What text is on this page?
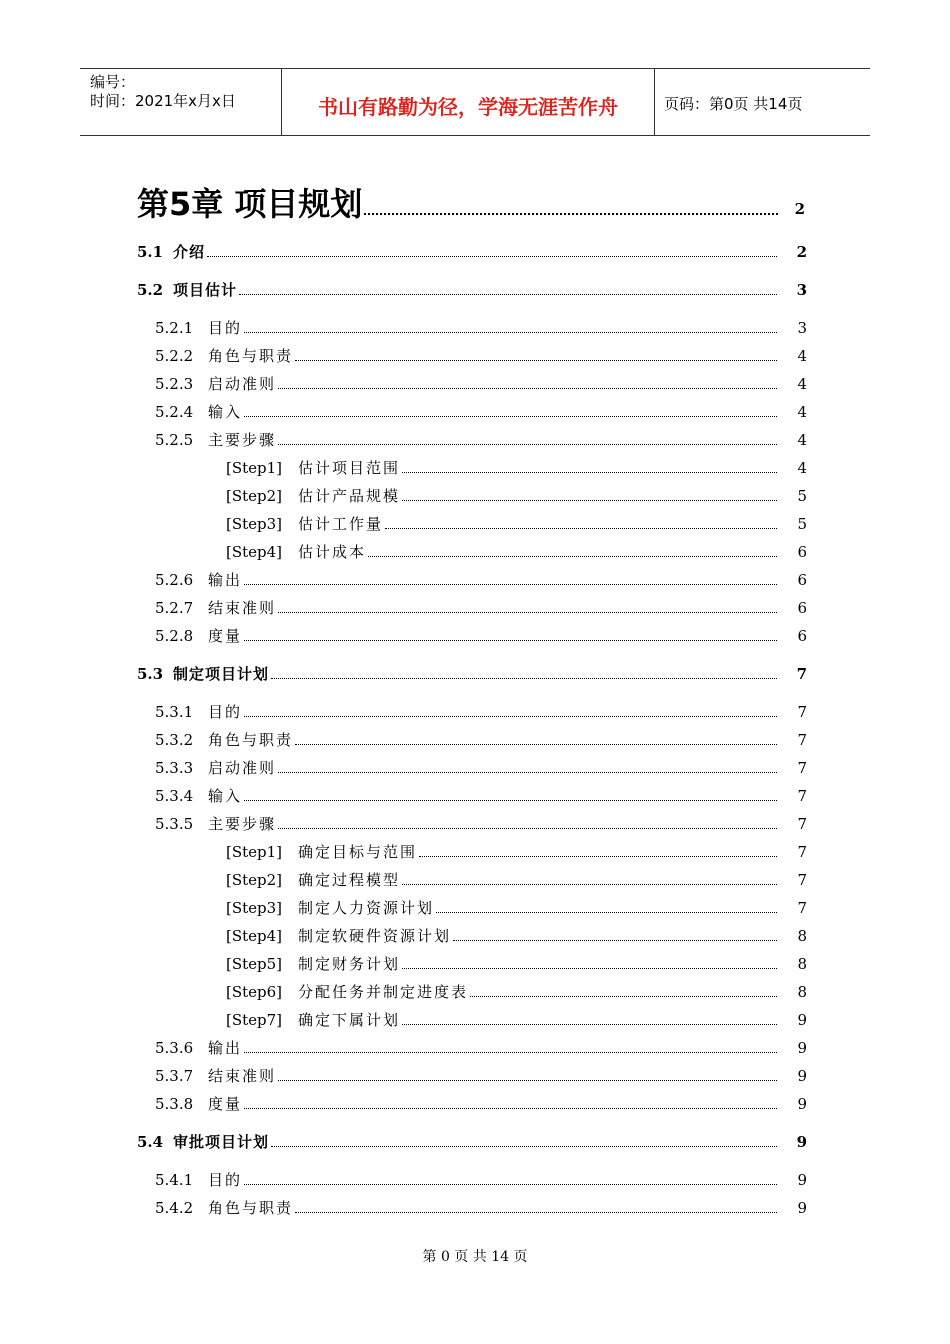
编号：
时间：2021年x月x日	书山有路勤为径，学海无涯苦作舟	页码：第0页 共14页
第5章 项目规划	2
5.1 介绍	2
5.2 项目估计	3
5.2.1 目的	3
5.2.2 角色与职责	4
5.2.3 启动准则	4
5.2.4 输入	4
5.2.5 主要步骤	4
[Step1] 估计项目范围	4
[Step2] 估计产品规模	5
[Step3] 估计工作量	5
[Step4] 估计成本	6
5.2.6 输出	6
5.2.7 结束准则	6
5.2.8 度量	6
5.3 制定项目计划	7
5.3.1 目的	7
5.3.2 角色与职责	7
5.3.3 启动准则	7
5.3.4 输入	7
5.3.5 主要步骤	7
[Step1] 确定目标与范围	7
[Step2] 确定过程模型	7
[Step3] 制定人力资源计划	7
[Step4] 制定软硬件资源计划	8
[Step5] 制定财务计划	8
[Step6] 分配任务并制定进度表	8
[Step7] 确定下属计划	9
5.3.6 输出	9
5.3.7 结束准则	9
5.3.8 度量	9
5.4 审批项目计划	9
5.4.1 目的	9
5.4.2 角色与职责	9
第 0 页 共 14 页
